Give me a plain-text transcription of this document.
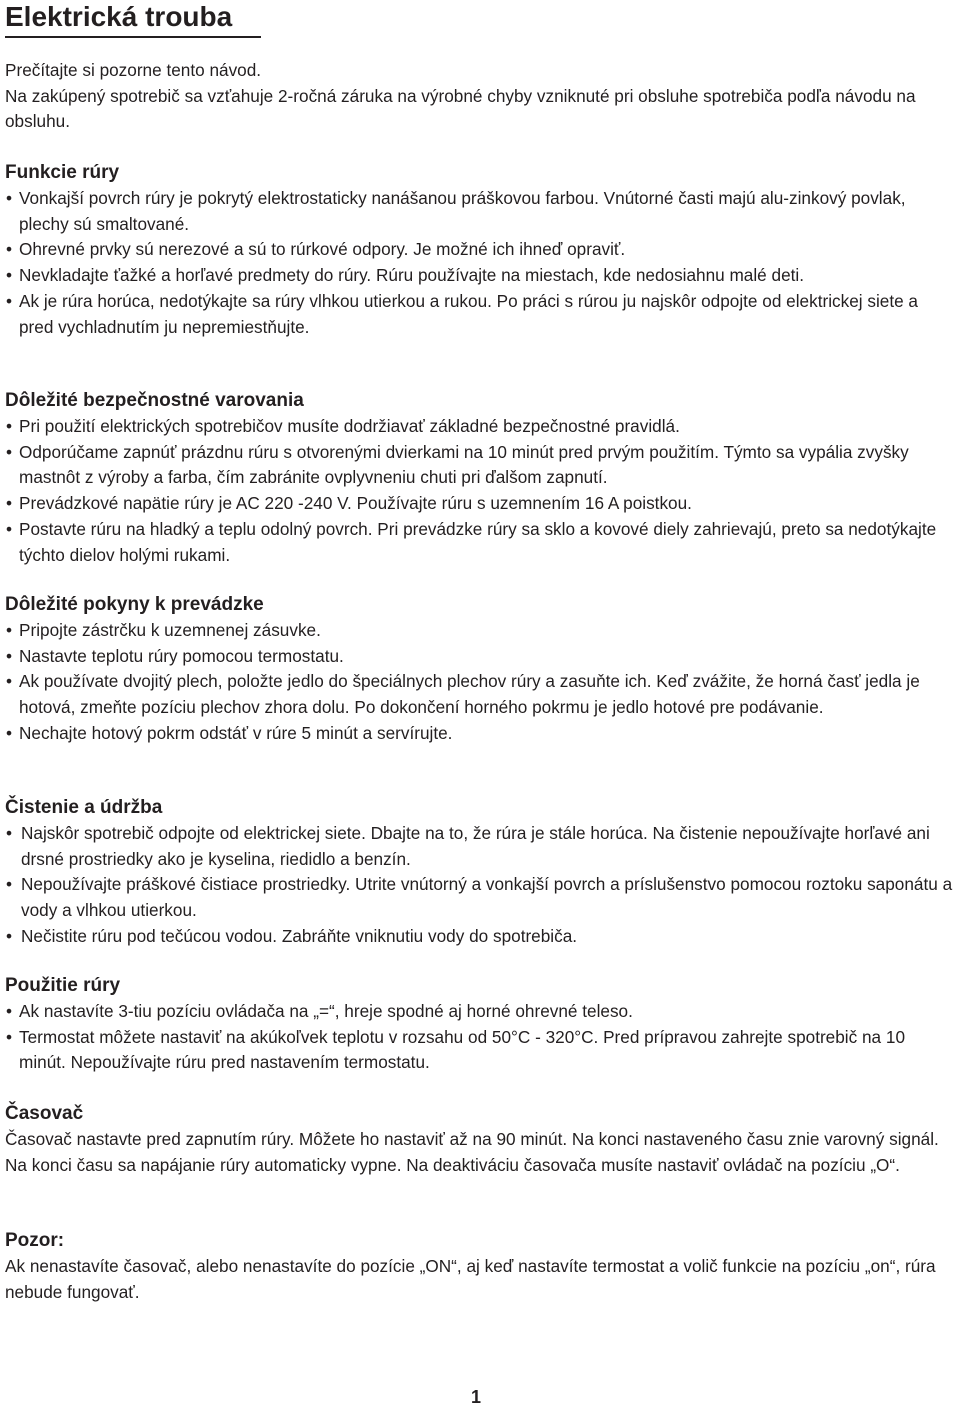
Elektrická trouba
Prečítajte si pozorne tento návod.
Na zakúpený spotrebič sa vzťahuje 2-ročná záruka na výrobné chyby vzniknuté pri obsluhe spotrebiča podľa návodu na obsluhu.
Funkcie rúry
• Vonkajší povrch rúry je pokrytý elektrostaticky nanášanou práškovou farbou. Vnútorné časti majú alu-zinkový povlak, plechy sú smaltované.
• Ohrevné prvky sú nerezové a sú to rúrkové odpory. Je možné ich ihneď opraviť.
• Nevkladajte ťažké a horľavé predmety do rúry. Rúru používajte na miestach, kde nedosiahnu malé deti.
• Ak je rúra horúca, nedotýkajte sa rúry vlhkou utierkou a rukou. Po práci s rúrou ju najskôr odpojte od elektrickej siete a pred vychladnutím ju nepremiestňujte.
Dôležité bezpečnostné varovania
• Pri použití elektrických spotrebičov musíte dodržiavať základné bezpečnostné pravidlá.
• Odporúčame zapnúť prázdnu rúru s otvorenými dvierkami na 10 minút pred prvým použitím. Týmto sa vypália zvyšky mastnôt z výroby a farba, čím zabránite ovplyvneniu chuti pri ďalšom zapnutí.
• Prevádzkové napätie rúry je AC 220 -240 V. Používajte rúru s uzemnením 16 A poistkou.
• Postavte rúru na hladký a teplu odolný povrch. Pri prevádzke rúry sa sklo a kovové diely zahrievajú, preto sa nedotýkajte týchto dielov holými rukami.
Dôležité pokyny k prevádzke
• Pripojte zástrčku k uzemnenej zásuvke.
• Nastavte teplotu rúry pomocou termostatu.
• Ak používate dvojitý plech, položte jedlo do špeciálnych plechov rúry a zasuňte ich. Keď zvážite, že horná časť jedla je hotová, zmeňte pozíciu plechov zhora dolu. Po dokončení horného pokrmu je jedlo hotové pre podávanie.
• Nechajte hotový pokrm odstáť v rúre 5 minút a servírujte.
Čistenie a údržba
• Najskôr spotrebič odpojte od elektrickej siete. Dbajte na to, že rúra je stále horúca. Na čistenie nepoužívajte horľavé ani drsné prostriedky ako je kyselina, riedidlo a benzín.
• Nepoužívajte práškové čistiace prostriedky. Utrite vnútorný a vonkajší povrch a príslušenstvo pomocou roztoku saponátu a vody a vlhkou utierkou.
• Nečistite rúru pod tečúcou vodou. Zabráňte vniknutiu vody do spotrebiča.
Použitie rúry
• Ak nastavíte 3-tiu pozíciu ovládača na „=“, hreje spodné aj horné ohrevné teleso.
• Termostat môžete nastaviť na akúkoľvek teplotu v rozsahu od 50°C - 320°C. Pred prípravou zahrejte spotrebič na 10 minút. Nepoužívajte rúru pred nastavením termostatu.
Časovač
Časovač nastavte pred zapnutím rúry. Môžete ho nastaviť až na 90 minút. Na konci nastaveného času znie varovný signál. Na konci času sa napájanie rúry automaticky vypne. Na deaktiváciu časovača musíte nastaviť ovládač na pozíciu „O“.
Pozor:
Ak nenastavíte časovač, alebo nenastavíte do pozície „ON“, aj keď nastavíte termostat a volič funkcie na pozíciu „on“, rúra nebude fungovať.
1
